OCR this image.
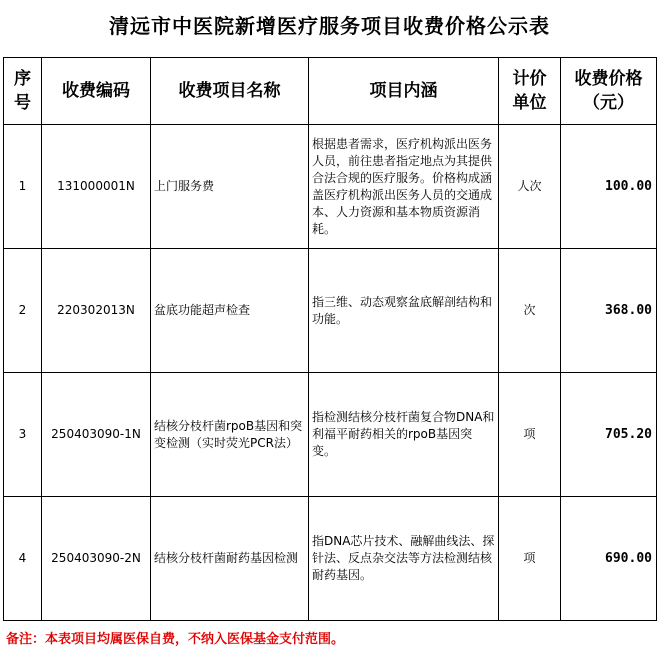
清远市中医院新增医疗服务项目收费价格公示表
序号	收费编码	收费项目名称	项目内涵	计价单位	收费价格（元）
1	131000001N	上门服务费	根据患者需求，医疗机构派出医务人员，前往患者指定地点为其提供合法合规的医疗服务。价格构成涵盖医疗机构派出医务人员的交通成本、人力资源和基本物质资源消耗。	人次	100.00
2	220302013N	盆底功能超声检查	指三维、动态观察盆底解剖结构和功能。	次	368.00
3	250403090-1N	结核分枝杆菌rpoB基因和突变检测（实时荧光PCR法）	指检测结核分枝杆菌复合物DNA和利福平耐药相关的rpoB基因突变。	项	705.20
4	250403090-2N	结核分枝杆菌耐药基因检测	指DNA芯片技术、融解曲线法、探针法、反点杂交法等方法检测结核耐药基因。	项	690.00
备注：本表项目均属医保自费，不纳入医保基金支付范围。
